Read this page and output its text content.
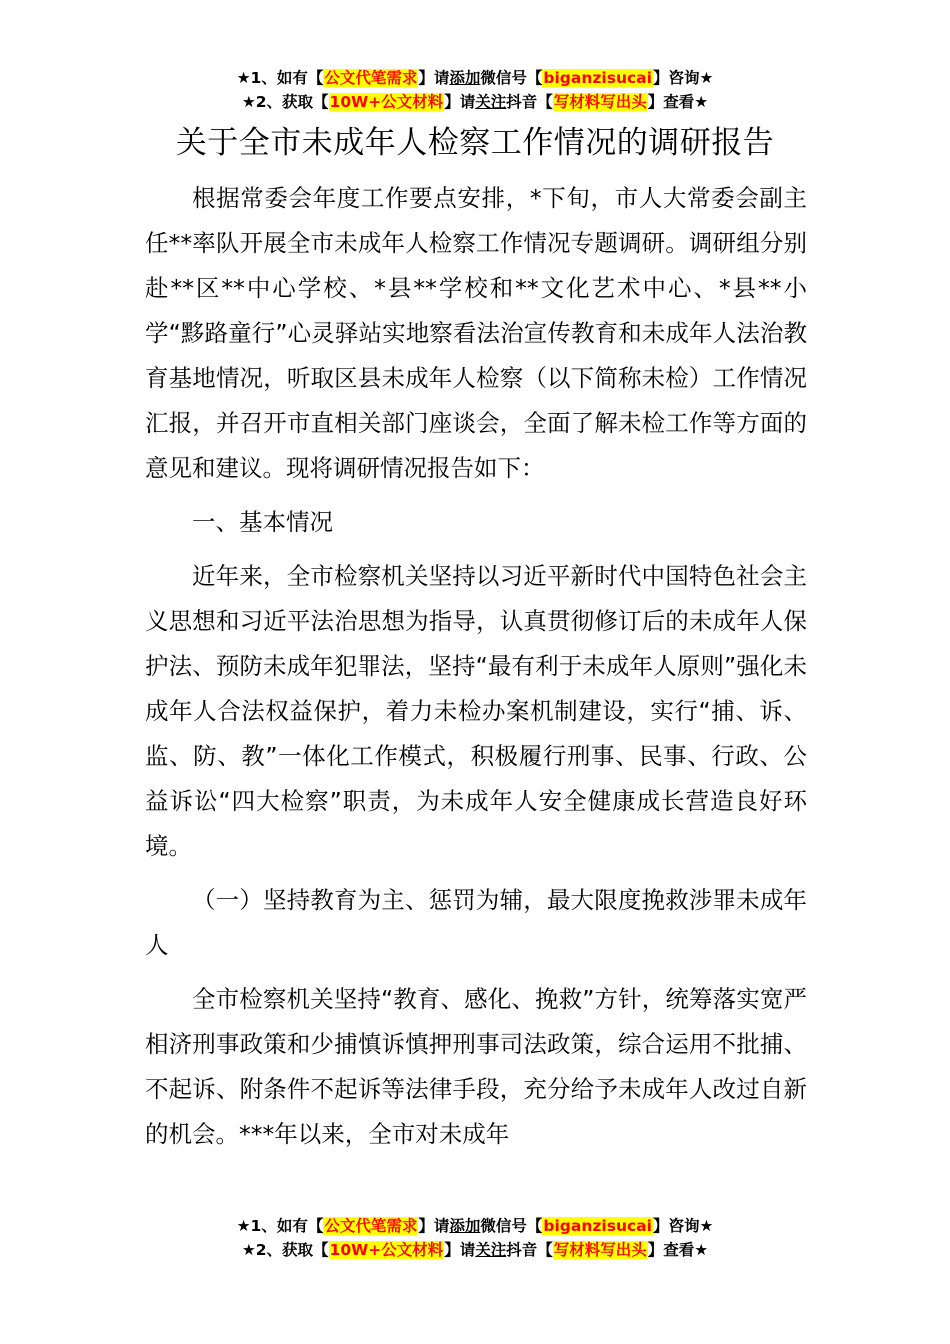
★1、如有【公文代笔需求】请添加微信号【biganzisucai】咨询★
★2、获取【10W+公文材料】请关注抖音【写材料写出头】查看★
关于全市未成年人检察工作情况的调研报告

根据常委会年度工作要点安排，*下旬，市人大常委会副主任**率队开展全市未成年人检察工作情况专题调研。调研组分别赴**区**中心学校、*县**学校和**文化艺术中心、*县**小学“黟路童行”心灵驿站实地察看法治宣传教育和未成年人法治教育基地情况，听取区县未成年人检察（以下简称未检）工作情况汇报，并召开市直相关部门座谈会，全面了解未检工作等方面的意见和建议。现将调研情况报告如下：

一、基本情况

近年来，全市检察机关坚持以习近平新时代中国特色社会主义思想和习近平法治思想为指导，认真贯彻修订后的未成年人保护法、预防未成年犯罪法，坚持“最有利于未成年人原则”强化未成年人合法权益保护，着力未检办案机制建设，实行“捕、诉、监、防、教”一体化工作模式，积极履行刑事、民事、行政、公益诉讼“四大检察”职责，为未成年人安全健康成长营造良好环境。

（一）坚持教育为主、惩罚为辅，最大限度挽救涉罪未成年人

全市检察机关坚持“教育、感化、挽救”方针，统筹落实宽严相济刑事政策和少捕慎诉慎押刑事司法政策，综合运用不批捕、不起诉、附条件不起诉等法律手段，充分给予未成年人改过自新的机会。***年以来，全市对未成年

★1、如有【公文代笔需求】请添加微信号【biganzisucai】咨询★
★2、获取【10W+公文材料】请关注抖音【写材料写出头】查看★
